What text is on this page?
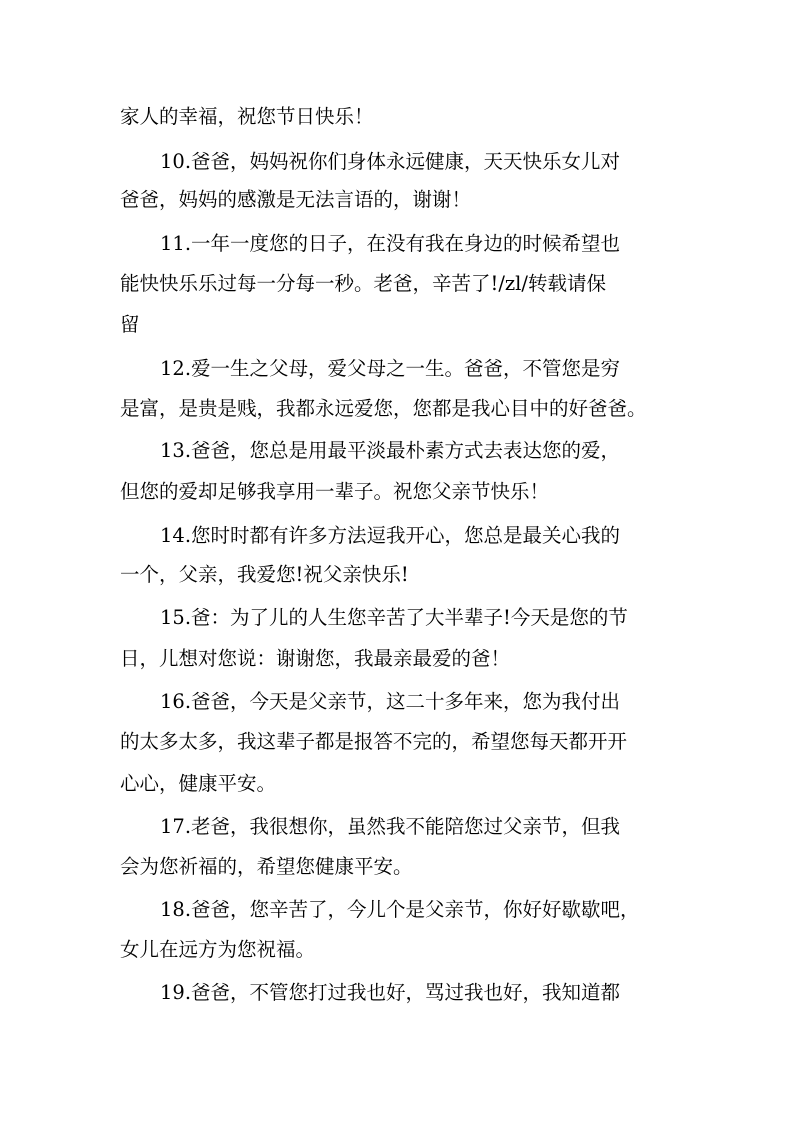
家人的幸福，祝您节日快乐！
10.爸爸，妈妈祝你们身体永远健康，天天快乐女儿对
爸爸，妈妈的感激是无法言语的，谢谢！
11.一年一度您的日子，在没有我在身边的时候希望也
能快快乐乐过每一分每一秒。老爸，辛苦了!/zl/转载请保
留
12.爱一生之父母，爱父母之一生。爸爸，不管您是穷
是富，是贵是贱，我都永远爱您，您都是我心目中的好爸爸。
13.爸爸，您总是用最平淡最朴素方式去表达您的爱，
但您的爱却足够我享用一辈子。祝您父亲节快乐！
14.您时时都有许多方法逗我开心，您总是最关心我的
一个，父亲，我爱您!祝父亲快乐!
15.爸：为了儿的人生您辛苦了大半辈子!今天是您的节
日，儿想对您说：谢谢您，我最亲最爱的爸！
16.爸爸，今天是父亲节，这二十多年来，您为我付出
的太多太多，我这辈子都是报答不完的，希望您每天都开开
心心，健康平安。
17.老爸，我很想你，虽然我不能陪您过父亲节，但我
会为您祈福的，希望您健康平安。
18.爸爸，您辛苦了，今儿个是父亲节，你好好歇歇吧，
女儿在远方为您祝福。
19.爸爸，不管您打过我也好，骂过我也好，我知道都
